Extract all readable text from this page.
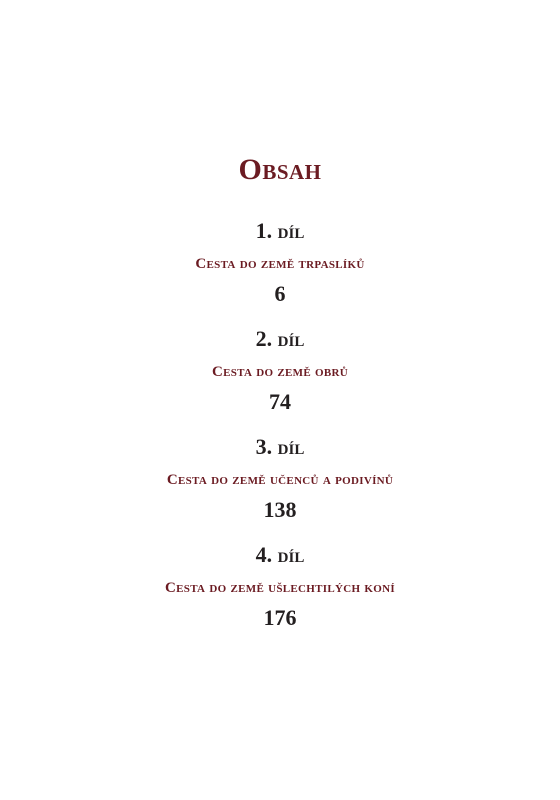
Obsah
1. díl
Cesta do země trpaslíků
6
2. díl
Cesta do země obrů
74
3. díl
Cesta do země učenců a podivínů
138
4. díl
Cesta do země ušlechtilých koní
176
